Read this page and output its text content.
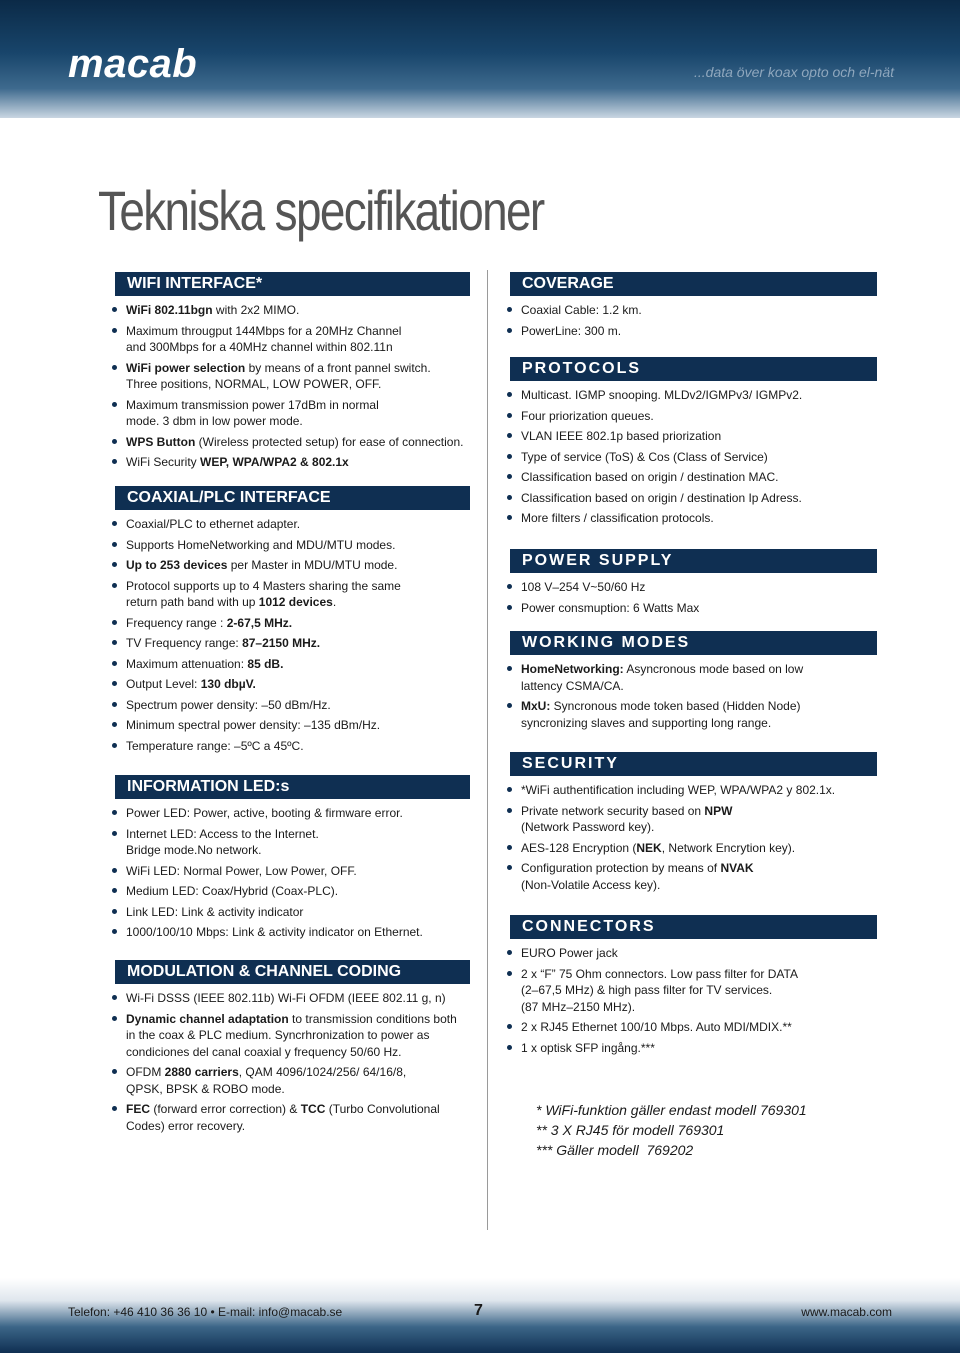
macab	...data över koax opto och el-nät
Tekniska specifikationer
WIFI INTERFACE*
WiFi 802.11bgn with 2x2 MIMO.
Maximum througput 144Mbps for a 20MHz Channel
and 300Mbps for a 40MHz channel within 802.11n
WiFi power selection by means of a front pannel switch.
Three positions, NORMAL, LOW POWER, OFF.
Maximum transmission power 17dBm in normal
mode. 3 dbm in low power mode.
WPS Button (Wireless protected setup) for ease of connection.
WiFi Security WEP, WPA/WPA2 & 802.1x
COAXIAL/PLC INTERFACE
Coaxial/PLC to ethernet adapter.
Supports HomeNetworking and MDU/MTU modes.
Up to 253 devices per Master in MDU/MTU mode.
Protocol supports up to 4 Masters sharing the same
return path band with up 1012 devices.
Frequency range : 2-67,5 MHz.
TV Frequency range: 87–2150 MHz.
Maximum attenuation: 85 dB.
Output Level: 130 dbµV.
Spectrum power density: –50 dBm/Hz.
Minimum spectral power density: –135 dBm/Hz.
Temperature range: –5ºC a 45ºC.
INFORMATION LED:s
Power LED: Power, active, booting & firmware error.
Internet LED: Access to the Internet.
Bridge mode.No network.
WiFi LED: Normal Power, Low Power, OFF.
Medium LED: Coax/Hybrid (Coax-PLC).
Link LED: Link & activity indicator
1000/100/10 Mbps: Link & activity indicator on Ethernet.
MODULATION & CHANNEL CODING
Wi-Fi DSSS (IEEE 802.11b) Wi-Fi OFDM (IEEE 802.11 g, n)
Dynamic channel adaptation to transmission conditions both
in the coax & PLC medium. Syncrhronization to power as
condiciones del canal coaxial y frequency 50/60 Hz.
OFDM 2880 carriers, QAM 4096/1024/256/ 64/16/8,
QPSK, BPSK & ROBO mode.
FEC (forward error correction) & TCC (Turbo Convolutional
Codes) error recovery.
COVERAGE
Coaxial Cable: 1.2 km.
PowerLine: 300 m.
PROTOCOLS
Multicast. IGMP snooping. MLDv2/IGMPv3/ IGMPv2.
Four priorization queues.
VLAN IEEE 802.1p based priorization
Type of service (ToS) & Cos (Class of Service)
Classification based on origin / destination MAC.
Classification based on origin / destination Ip Adress.
More filters / classification protocols.
POWER SUPPLY
108 V–254 V~50/60 Hz
Power consmuption: 6 Watts Max
WORKING MODES
HomeNetworking: Asyncronous mode based on low
lattency CSMA/CA.
MxU: Syncronous mode token based (Hidden Node)
syncronizing slaves and supporting long range.
SECURITY
*WiFi authentification including WEP, WPA/WPA2 y 802.1x.
Private network security based on NPW
(Network Password key).
AES-128 Encryption (NEK, Network Encrytion key).
Configuration protection by means of NVAK
(Non-Volatile Access key).
CONNECTORS
EURO Power jack
2 x “F” 75 Ohm connectors. Low pass filter for DATA
(2–67,5 MHz) & high pass filter for TV services.
(87 MHz–2150 MHz).
2 x RJ45 Ethernet 100/10 Mbps. Auto MDI/MDIX.**
1 x optisk SFP ingång.***
* WiFi-funktion gäller endast modell 769301
** 3 X RJ45 för modell 769301
*** Gäller modell  769202
Telefon: +46 410 36 36 10 • E-mail: info@macab.se	7	www.macab.com
